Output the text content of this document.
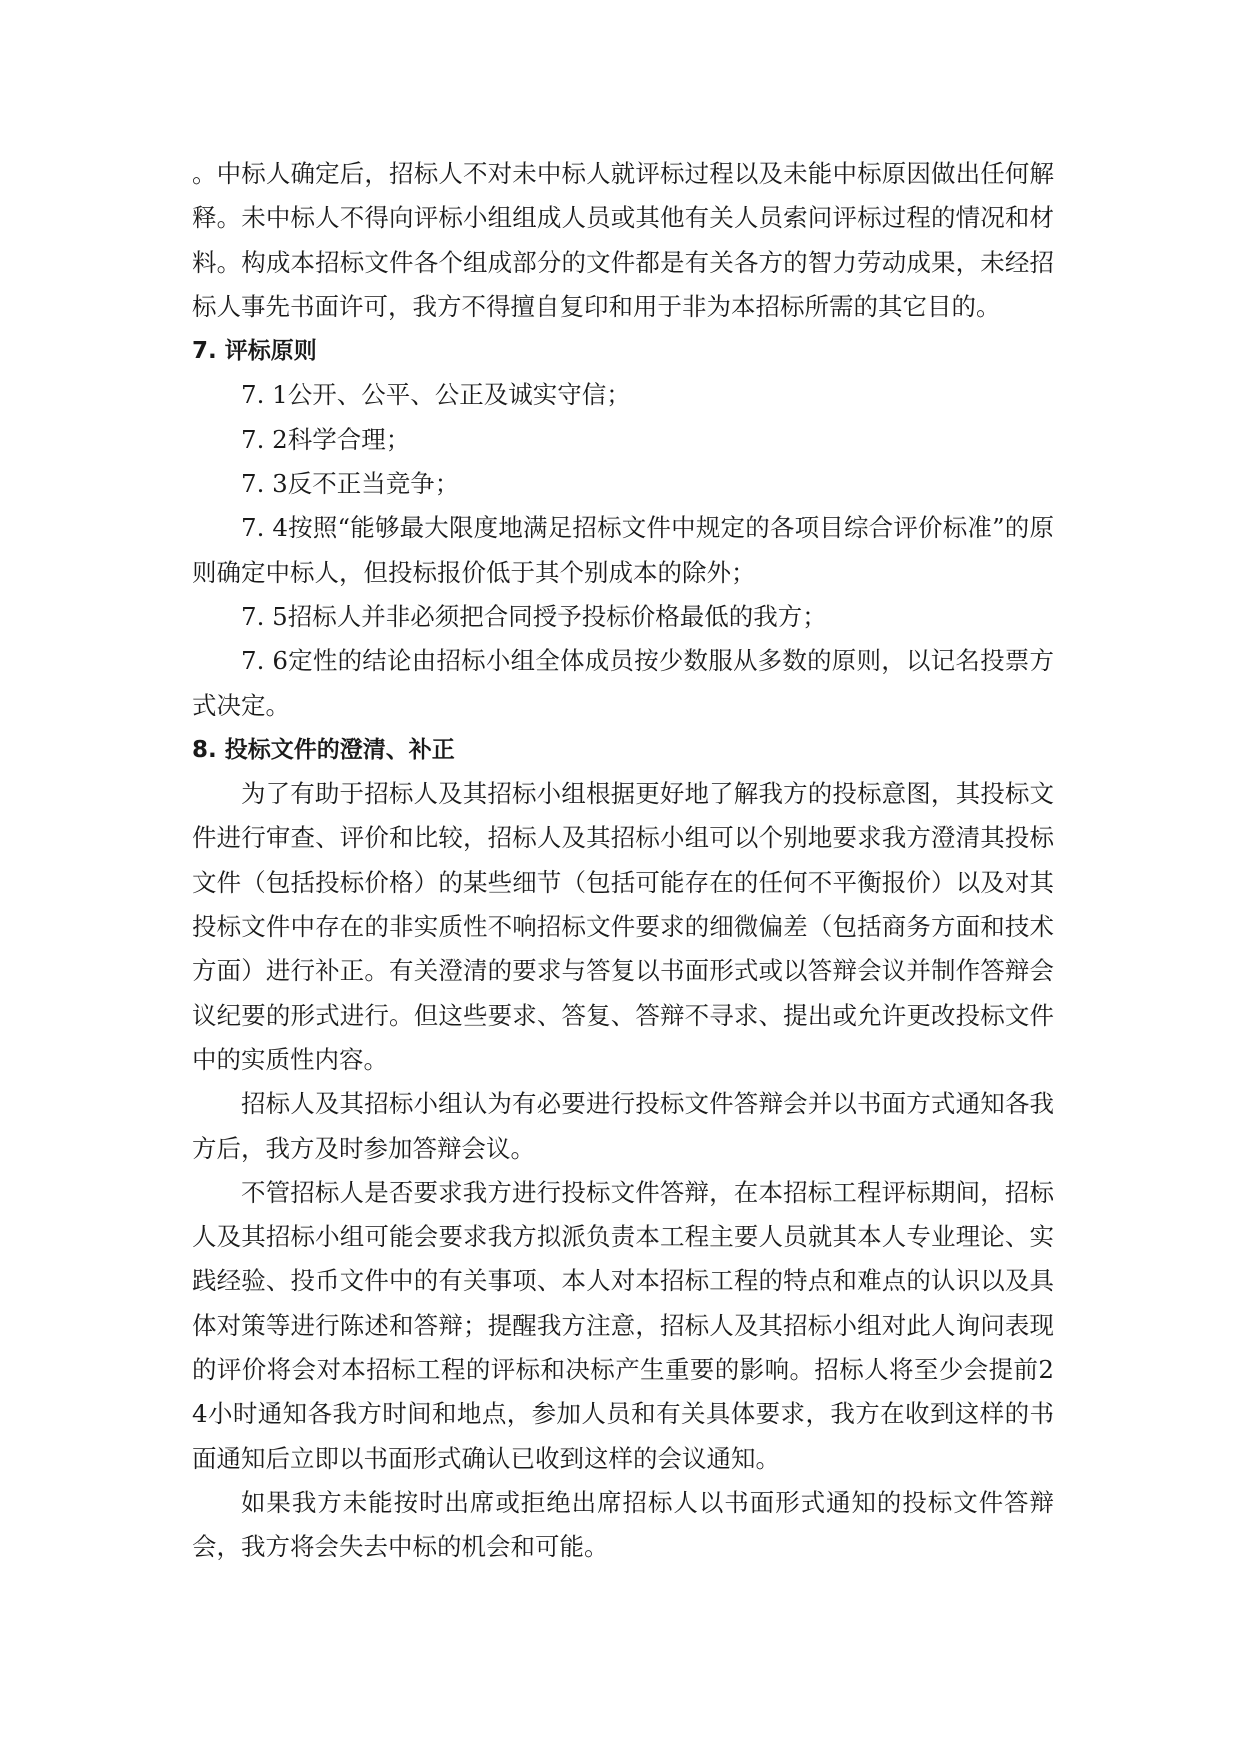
。中标人确定后，招标人不对未中标人就评标过程以及未能中标原因做出任何解释。未中标人不得向评标小组组成人员或其他有关人员索问评标过程的情况和材料。构成本招标文件各个组成部分的文件都是有关各方的智力劳动成果，未经招标人事先书面许可，我方不得擅自复印和用于非为本招标所需的其它目的。

7. 评标原则

7. 1公开、公平、公正及诚实守信；

7. 2科学合理；

7. 3反不正当竞争；

7. 4按照“能够最大限度地满足招标文件中规定的各项目综合评价标准”的原则确定中标人，但投标报价低于其个别成本的除外；

7. 5招标人并非必须把合同授予投标价格最低的我方；

7. 6定性的结论由招标小组全体成员按少数服从多数的原则，以记名投票方式决定。

8. 投标文件的澄清、补正

为了有助于招标人及其招标小组根据更好地了解我方的投标意图，其投标文件进行审查、评价和比较，招标人及其招标小组可以个别地要求我方澄清其投标文件（包括投标价格）的某些细节（包括可能存在的任何不平衡报价）以及对其投标文件中存在的非实质性不响招标文件要求的细微偏差（包括商务方面和技术方面）进行补正。有关澄清的要求与答复以书面形式或以答辩会议并制作答辩会议纪要的形式进行。但这些要求、答复、答辩不寻求、提出或允许更改投标文件中的实质性内容。

招标人及其招标小组认为有必要进行投标文件答辩会并以书面方式通知各我方后，我方及时参加答辩会议。

不管招标人是否要求我方进行投标文件答辩，在本招标工程评标期间，招标人及其招标小组可能会要求我方拟派负责本工程主要人员就其本人专业理论、实践经验、投币文件中的有关事项、本人对本招标工程的特点和难点的认识以及具体对策等进行陈述和答辩；提醒我方注意，招标人及其招标小组对此人询问表现的评价将会对本招标工程的评标和决标产生重要的影响。招标人将至少会提前24小时通知各我方时间和地点，参加人员和有关具体要求，我方在收到这样的书面通知后立即以书面形式确认已收到这样的会议通知。

如果我方未能按时出席或拒绝出席招标人以书面形式通知的投标文件答辩会，我方将会失去中标的机会和可能。
